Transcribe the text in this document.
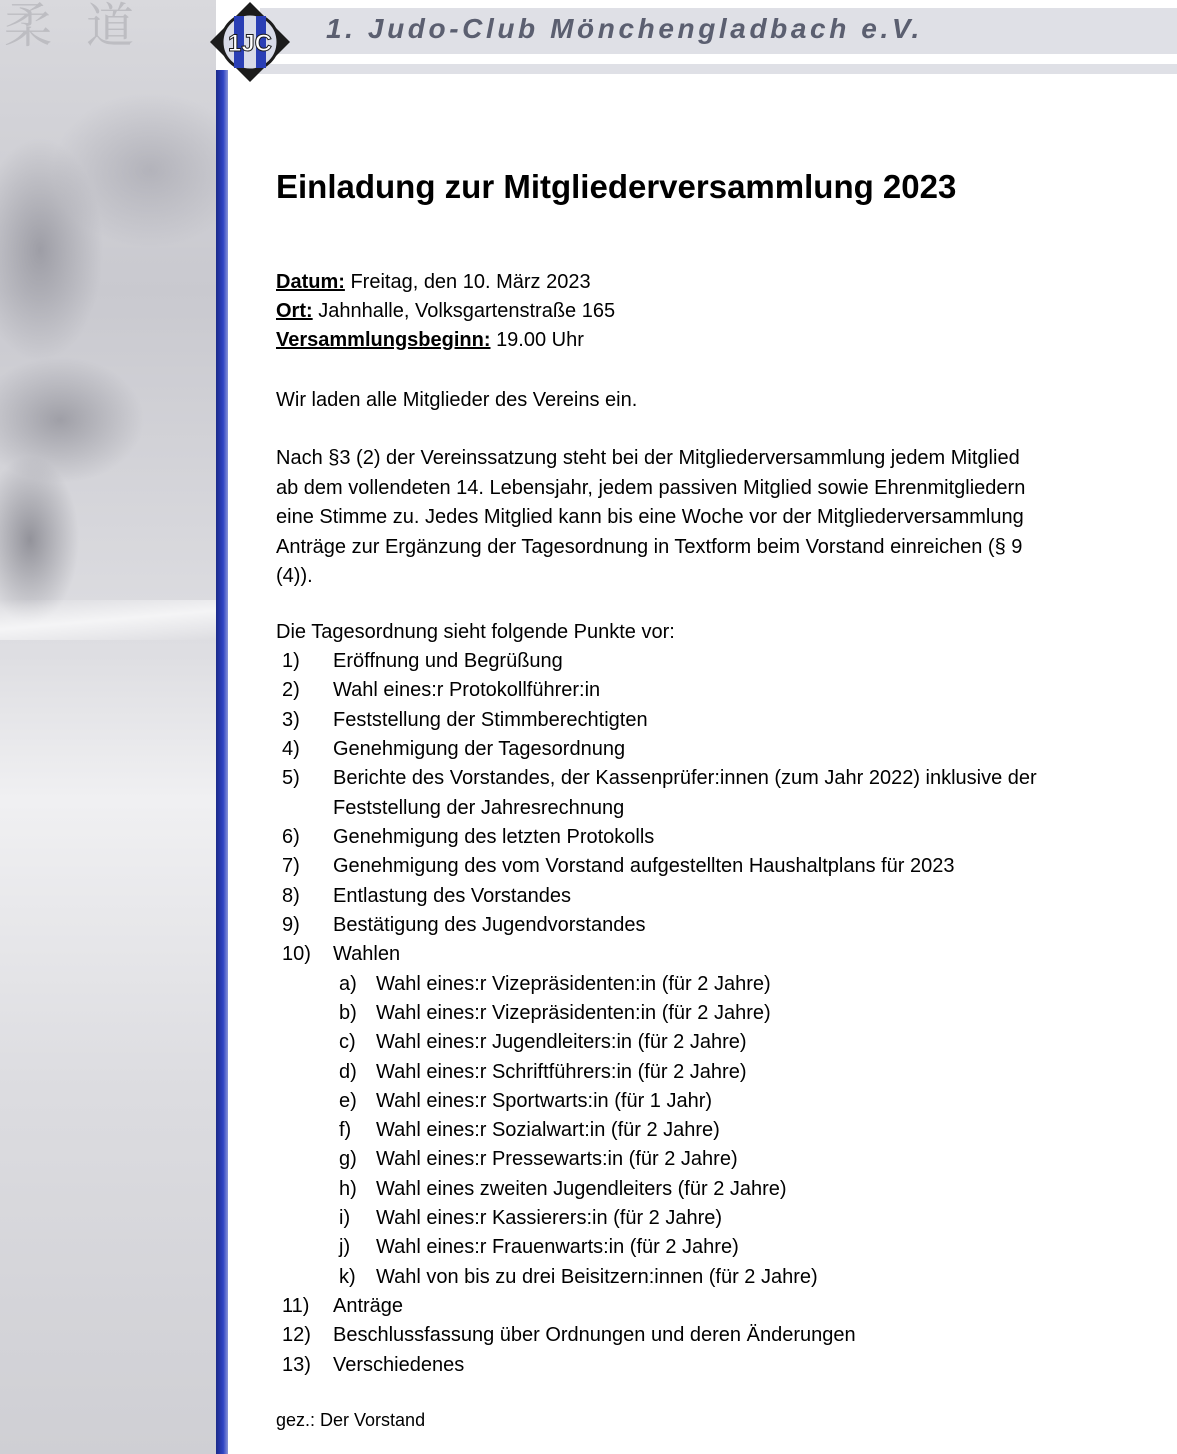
柔道	1. Judo-Club Mönchengladbach e.V.
1JC
Einladung zur Mitgliederversammlung 2023
Datum: Freitag, den 10. März 2023
Ort: Jahnhalle, Volksgartenstraße 165
Versammlungsbeginn: 19.00 Uhr
Wir laden alle Mitglieder des Vereins ein.
Nach §3 (2) der Vereinssatzung steht bei der Mitgliederversammlung jedem Mitglied
ab dem vollendeten 14. Lebensjahr, jedem passiven Mitglied sowie Ehrenmitgliedern
eine Stimme zu. Jedes Mitglied kann bis eine Woche vor der Mitgliederversammlung
Anträge zur Ergänzung der Tagesordnung in Textform beim Vorstand einreichen (§ 9
(4)).
Die Tagesordnung sieht folgende Punkte vor:
1) Eröffnung und Begrüßung
2) Wahl eines:r Protokollführer:in
3) Feststellung der Stimmberechtigten
4) Genehmigung der Tagesordnung
5) Berichte des Vorstandes, der Kassenprüfer:innen (zum Jahr 2022) inklusive der
Feststellung der Jahresrechnung
6) Genehmigung des letzten Protokolls
7) Genehmigung des vom Vorstand aufgestellten Haushaltplans für 2023
8) Entlastung des Vorstandes
9) Bestätigung des Jugendvorstandes
10) Wahlen
a) Wahl eines:r Vizepräsidenten:in (für 2 Jahre)
b) Wahl eines:r Vizepräsidenten:in (für 2 Jahre)
c) Wahl eines:r Jugendleiters:in (für 2 Jahre)
d) Wahl eines:r Schriftführers:in (für 2 Jahre)
e) Wahl eines:r Sportwarts:in (für 1 Jahr)
f) Wahl eines:r Sozialwart:in (für 2 Jahre)
g) Wahl eines:r Pressewarts:in (für 2 Jahre)
h) Wahl eines zweiten Jugendleiters (für 2 Jahre)
i) Wahl eines:r Kassierers:in (für 2 Jahre)
j) Wahl eines:r Frauenwarts:in (für 2 Jahre)
k) Wahl von bis zu drei Beisitzern:innen (für 2 Jahre)
11) Anträge
12) Beschlussfassung über Ordnungen und deren Änderungen
13) Verschiedenes
gez.: Der Vorstand
